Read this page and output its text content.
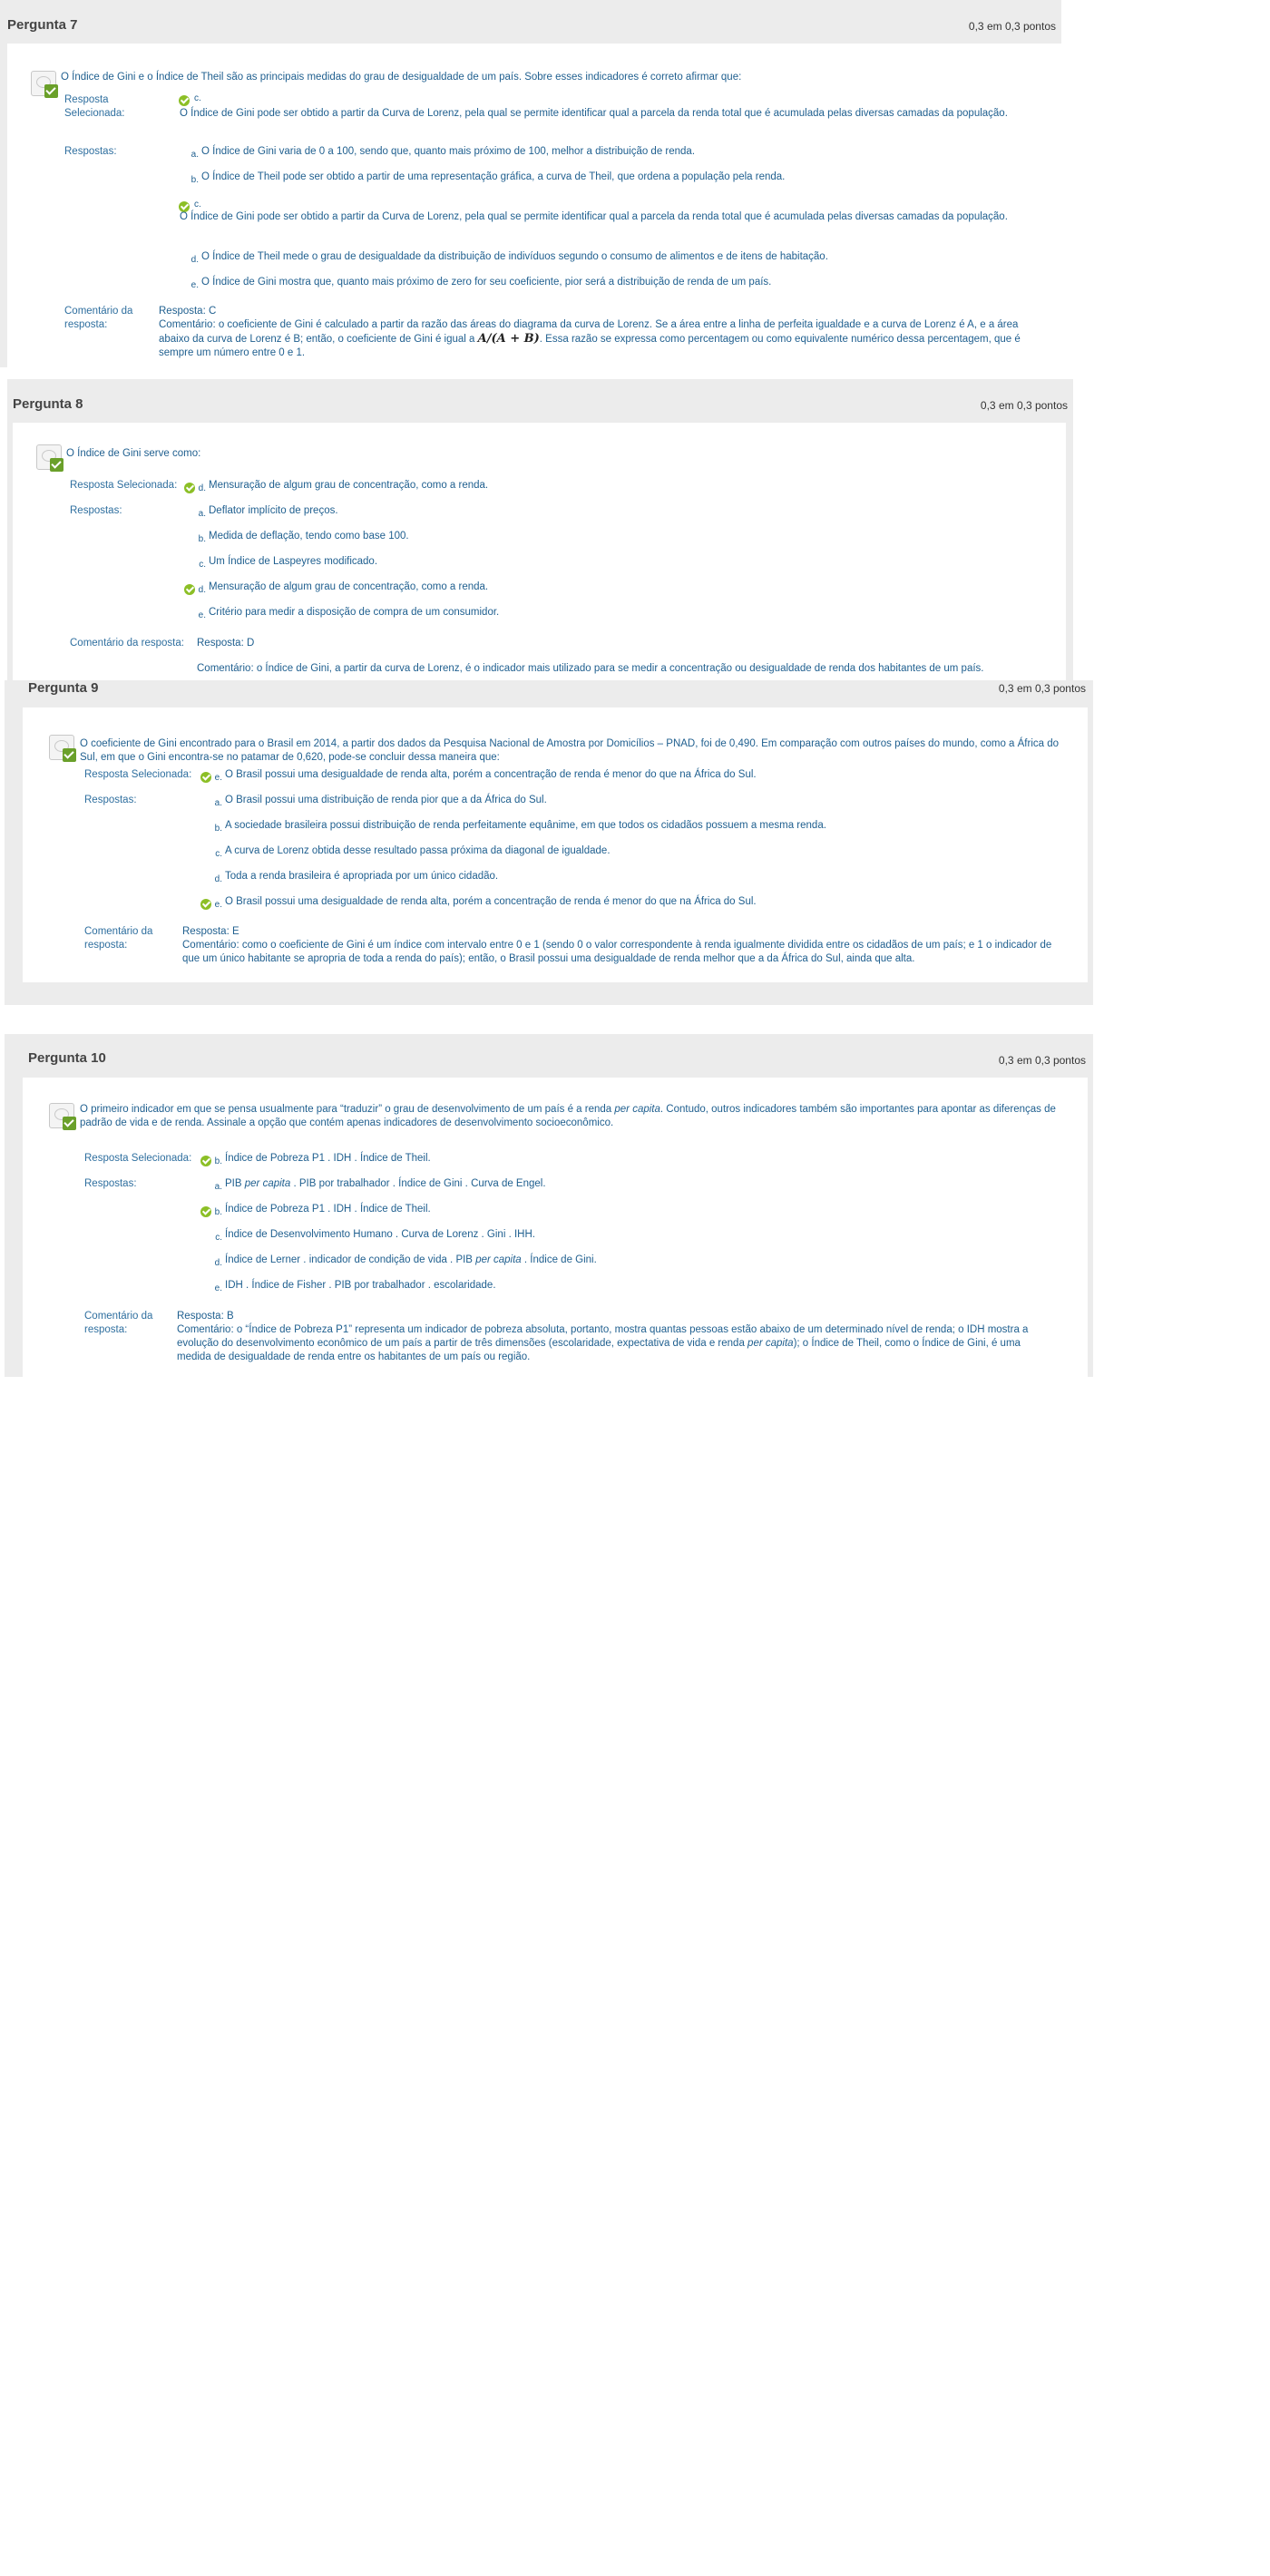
Pergunta 7	0,3 em 0,3 pontos
O Índice de Gini e o Índice de Theil são as principais medidas do grau de desigualdade de um país. Sobre esses indicadores é correto afirmar que:
Resposta
Selecionada:
c.
O Índice de Gini pode ser obtido a partir da Curva de Lorenz, pela qual se permite identificar qual a parcela da renda total que é acumulada pelas diversas camadas da população.
Respostas:	a. O Índice de Gini varia de 0 a 100, sendo que, quanto mais próximo de 100, melhor a distribuição de renda.
b. O Índice de Theil pode ser obtido a partir de uma representação gráfica, a curva de Theil, que ordena a população pela renda.
c.
O Índice de Gini pode ser obtido a partir da Curva de Lorenz, pela qual se permite identificar qual a parcela da renda total que é acumulada pelas diversas camadas da população.
d. O Índice de Theil mede o grau de desigualdade da distribuição de indivíduos segundo o consumo de alimentos e de itens de habitação.
e. O Índice de Gini mostra que, quanto mais próximo de zero for seu coeficiente, pior será a distribuição de renda de um país.
Comentário da
resposta:
Resposta: C
Comentário: o coeficiente de Gini é calculado a partir da razão das áreas do diagrama da curva de Lorenz. Se a área entre a linha de perfeita igualdade e a curva de Lorenz é A, e a área abaixo da curva de Lorenz é B; então, o coeficiente de Gini é igual a A/(A + B). Essa razão se expressa como percentagem ou como equivalente numérico dessa percentagem, que é sempre um número entre 0 e 1.
Pergunta 8	0,3 em 0,3 pontos
O Índice de Gini serve como:
Resposta Selecionada:	d. Mensuração de algum grau de concentração, como a renda.
Respostas:	a. Deflator implícito de preços.
b. Medida de deflação, tendo como base 100.
c. Um Índice de Laspeyres modificado.
d. Mensuração de algum grau de concentração, como a renda.
e. Critério para medir a disposição de compra de um consumidor.
Comentário da resposta: Resposta: D
Comentário: o Índice de Gini, a partir da curva de Lorenz, é o indicador mais utilizado para se medir a concentração ou desigualdade de renda dos habitantes de um país.
Pergunta 9	0,3 em 0,3 pontos
O coeficiente de Gini encontrado para o Brasil em 2014, a partir dos dados da Pesquisa Nacional de Amostra por Domicílios – PNAD, foi de 0,490. Em comparação com outros países do mundo, como a África do Sul, em que o Gini encontra-se no patamar de 0,620, pode-se concluir dessa maneira que:
Resposta Selecionada:	e. O Brasil possui uma desigualdade de renda alta, porém a concentração de renda é menor do que na África do Sul.
Respostas:	a. O Brasil possui uma distribuição de renda pior que a da África do Sul.
b. A sociedade brasileira possui distribuição de renda perfeitamente equânime, em que todos os cidadãos possuem a mesma renda.
c. A curva de Lorenz obtida desse resultado passa próxima da diagonal de igualdade.
d. Toda a renda brasileira é apropriada por um único cidadão.
e. O Brasil possui uma desigualdade de renda alta, porém a concentração de renda é menor do que na África do Sul.
Comentário da
resposta:
Resposta: E
Comentário: como o coeficiente de Gini é um índice com intervalo entre 0 e 1 (sendo 0 o valor correspondente à renda igualmente dividida entre os cidadãos de um país; e 1 o indicador de que um único habitante se apropria de toda a renda do país); então, o Brasil possui uma desigualdade de renda melhor que a da África do Sul, ainda que alta.
Pergunta 10	0,3 em 0,3 pontos
O primeiro indicador em que se pensa usualmente para “traduzir” o grau de desenvolvimento de um país é a renda per capita. Contudo, outros indicadores também são importantes para apontar as diferenças de padrão de vida e de renda. Assinale a opção que contém apenas indicadores de desenvolvimento socioeconômico.
Resposta Selecionada:	b. Índice de Pobreza P1 . IDH . Índice de Theil.
Respostas:	a. PIB per capita . PIB por trabalhador . Índice de Gini . Curva de Engel.
b. Índice de Pobreza P1 . IDH . Índice de Theil.
c. Índice de Desenvolvimento Humano . Curva de Lorenz . Gini . IHH.
d. Índice de Lerner . indicador de condição de vida . PIB per capita . Índice de Gini.
e. IDH . Índice de Fisher . PIB por trabalhador . escolaridade.
Comentário da
resposta:
Resposta: B
Comentário: o “Índice de Pobreza P1” representa um indicador de pobreza absoluta, portanto, mostra quantas pessoas estão abaixo de um determinado nível de renda; o IDH mostra a evolução do desenvolvimento econômico de um país a partir de três dimensões (escolaridade, expectativa de vida e renda per capita); o Índice de Theil, como o Índice de Gini, é uma medida de desigualdade de renda entre os habitantes de um país ou região.
